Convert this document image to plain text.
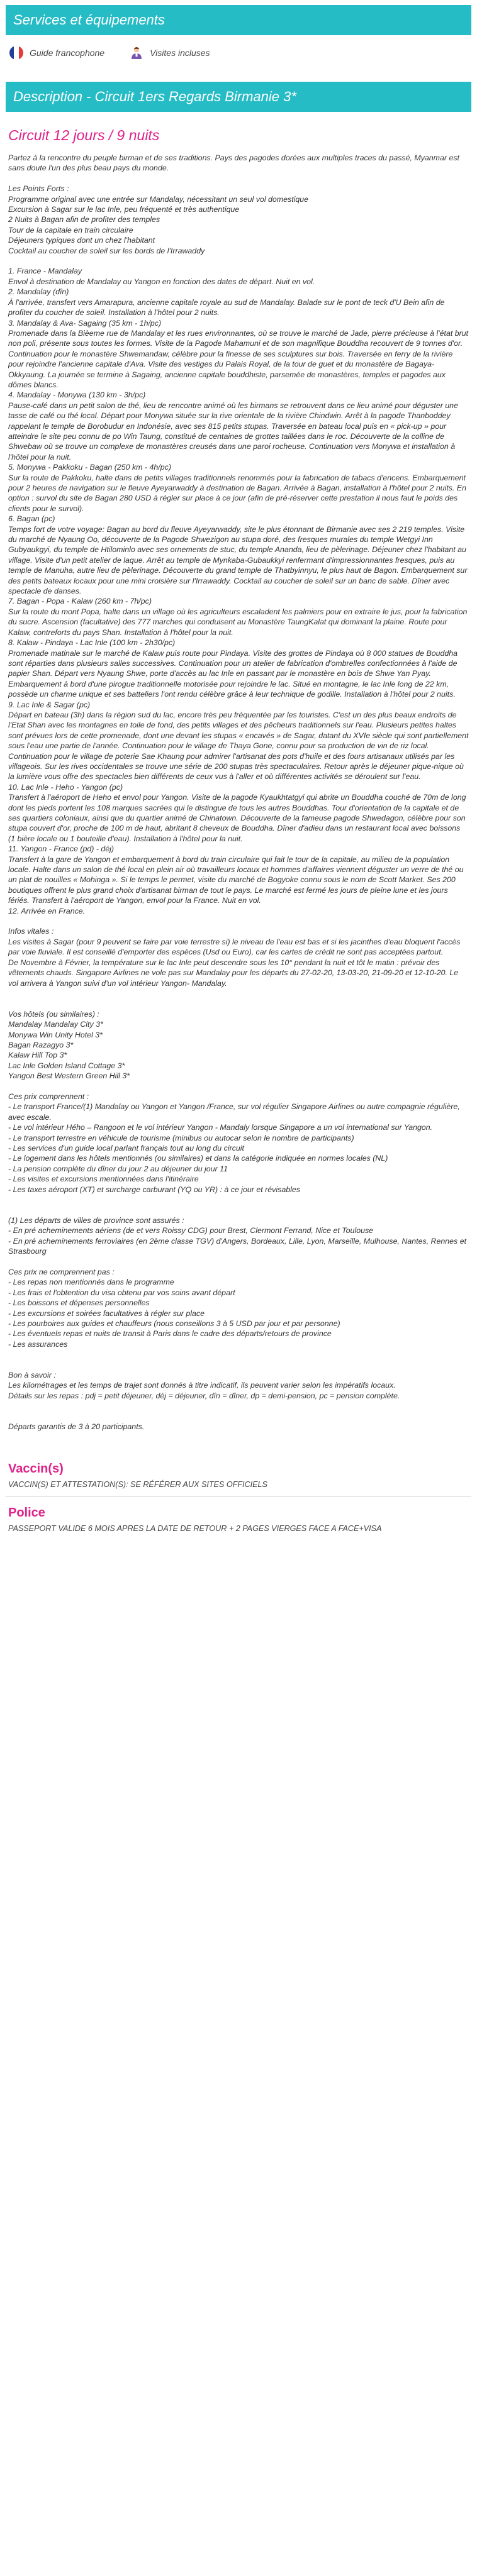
Services et équipements
Guide francophone	Visites incluses
Description - Circuit 1ers Regards Birmanie 3*
Circuit 12 jours / 9 nuits

Partez à la rencontre du peuple birman et de ses traditions. Pays des pagodes dorées aux multiples traces du passé, Myanmar est sans doute l'un des plus beau pays du monde.

Les Points Forts :
Programme original avec une entrée sur Mandalay, nécessitant un seul vol domestique
Excursion à Sagar sur le lac Inle, peu fréquenté et très authentique
2 Nuits à Bagan afin de profiter des temples
Tour de la capitale en train circulaire
Déjeuners typiques dont un chez l'habitant
Cocktail au coucher de soleil sur les bords de l'Irrawaddy

1. France - Mandalay
Envol à destination de Mandalay ou Yangon en fonction des dates de départ. Nuit en vol.
2. Mandalay (dîn)
À l'arrivée, transfert vers Amarapura, ancienne capitale royale au sud de Mandalay. Balade sur le pont de teck d'U Bein afin de profiter du coucher de soleil. Installation à l'hôtel pour 2 nuits.
3. Mandalay & Ava- Sagaing (35 km - 1h/pc)
Promenade dans la Bièeme rue de Mandalay et les rues environnantes, où se trouve le marché de Jade, pierre précieuse à l'état brut non poli, présente sous toutes les formes. Visite de la Pagode Mahamuni et de son magnifique Bouddha recouvert de 9 tonnes d'or. Continuation pour le monastère Shwemandaw, célèbre pour la finesse de ses sculptures sur bois. Traversée en ferry de la rivière pour rejoindre l'ancienne capitale d'Ava. Visite des vestiges du Palais Royal, de la tour de guet et du monastère de Bagaya-Okkyaung. La journée se termine à Sagaing, ancienne capitale bouddhiste, parsemée de monastères, temples et pagodes aux dômes blancs.
4. Mandalay - Monywa (130 km - 3h/pc)
Pause-café dans un petit salon de thé, lieu de rencontre animé où les birmans se retrouvent dans ce lieu animé pour déguster une tasse de café ou thé local. Départ pour Monywa située sur la rive orientale de la rivière Chindwin. Arrêt à la pagode Thanboddey rappelant le temple de Borobudur en Indonésie, avec ses 815 petits stupas. Traversée en bateau local puis en « pick-up » pour atteindre le site peu connu de po Win Taung, constitué de centaines de grottes taillées dans le roc. Découverte de la colline de Shwebaw où se trouve un complexe de monastères creusés dans une paroi rocheuse. Continuation vers Monywa et installation à l'hôtel pour la nuit.
5. Monywa - Pakkoku - Bagan (250 km - 4h/pc)
Sur la route de Pakkoku, halte dans de petits villages traditionnels renommés pour la fabrication de tabacs d'encens. Embarquement pour 2 heures de navigation sur le fleuve Ayeyarwaddy à destination de Bagan. Arrivée à Bagan, installation à l'hôtel pour 2 nuits. En option : survol du site de Bagan 280 USD à régler sur place à ce jour (afin de pré-réserver cette prestation il nous faut le poids des clients pour le survol).
6. Bagan (pc)
Temps fort de votre voyage: Bagan au bord du fleuve Ayeyarwaddy, site le plus étonnant de Birmanie avec ses 2 219 temples. Visite du marché de Nyaung Oo, découverte de la Pagode Shwezigon au stupa doré, des fresques murales du temple Wetgyi Inn Gubyaukgyi, du temple de Htilominlo avec ses ornements de stuc, du temple Ananda, lieu de pèlerinage. Déjeuner chez l'habitant au village. Visite d'un petit atelier de laque. Arrêt au temple de Mynkaba-Gubaukkyi renfermant d'impressionnantes fresques, puis au temple de Manuha, autre lieu de pèlerinage. Découverte du grand temple de Thatbyinnyu, le plus haut de Bagon. Embarquement sur des petits bateaux locaux pour une mini croisière sur l'Irrawaddy. Cocktail au coucher de soleil sur un banc de sable. Dîner avec spectacle de danses.
7. Bagan - Popa - Kalaw (260 km - 7h/pc)
Sur la route du mont Popa, halte dans un village où les agriculteurs escaladent les palmiers pour en extraire le jus, pour la fabrication du sucre. Ascension (facultative) des 777 marches qui conduisent au Monastère TaungKalat qui dominant la plaine. Route pour Kalaw, contreforts du pays Shan. Installation à l'hôtel pour la nuit.
8. Kalaw - Pindaya - Lac Inle (100 km - 2h30/pc)
Promenade matinale sur le marché de Kalaw puis route pour Pindaya. Visite des grottes de Pindaya où 8 000 statues de Bouddha sont réparties dans plusieurs salles successives. Continuation pour un atelier de fabrication d'ombrelles confectionnées à l'aide de papier Shan. Départ vers Nyaung Shwe, porte d'accès au lac Inle en passant par le monastère en bois de Shwe Yan Pyay. Embarquement à bord d'une pirogue traditionnelle motorisée pour rejoindre le lac. Situé en montagne, le lac Inle long de 22 km, possède un charme unique et ses batteliers l'ont rendu célèbre grâce à leur technique de godille. Installation à l'hôtel pour 2 nuits.
9. Lac Inle & Sagar (pc)
Départ en bateau (3h) dans la région sud du lac, encore très peu fréquentée par les touristes. C'est un des plus beaux endroits de l'Etat Shan avec les montagnes en toile de fond, des petits villages et des pêcheurs traditionnels sur l'eau. Plusieurs petites haltes sont prévues lors de cette promenade, dont une devant les stupas « encavés » de Sagar, datant du XVIe siècle qui sont partiellement sous l'eau une partie de l'année. Continuation pour le village de Thaya Gone, connu pour sa production de vin de riz local. Continuation pour le village de poterie Sae Khaung pour admirer l'artisanat des pots d'huile et des fours artisanaux utilisés par les villageois. Sur les rives occidentales se trouve une série de 200 stupas très spectaculaires. Retour après le déjeuner pique-nique où la lumière vous offre des spectacles bien différents de ceux vus à l'aller et où différentes activités se déroulent sur l'eau.
10. Lac Inle - Heho - Yangon (pc)
Transfert à l'aéroport de Heho et envol pour Yangon. Visite de la pagode Kyaukhtatgyi qui abrite un Bouddha couché de 70m de long dont les pieds portent les 108 marques sacrées qui le distingue de tous les autres Bouddhas. Tour d'orientation de la capitale et de ses quartiers coloniaux, ainsi que du quartier animé de Chinatown. Découverte de la fameuse pagode Shwedagon, célèbre pour son stupa couvert d'or, proche de 100 m de haut, abritant 8 cheveux de Bouddha. Dîner d'adieu dans un restaurant local avec boissons (1 bière locale ou 1 bouteille d'eau). Installation à l'hôtel pour la nuit.
11. Yangon - France (pd) - déj)
Transfert à la gare de Yangon et embarquement à bord du train circulaire qui fait le tour de la capitale, au milieu de la population locale. Halte dans un salon de thé local en plein air où travailleurs locaux et hommes d'affaires viennent déguster un verre de thé ou un plat de nouilles « Mohinga ». Si le temps le permet, visite du marché de Bogyoke connu sous le nom de Scott Market. Ses 200 boutiques offrent le plus grand choix d'artisanat birman de tout le pays. Le marché est fermé les jours de pleine lune et les jours fériés. Transfert à l'aéroport de Yangon, envol pour la France. Nuit en vol.
12. Arrivée en France.

Infos vitales :
Les visites à Sagar (pour 9 peuvent se faire par voie terrestre si) le niveau de l'eau est bas et si les jacinthes d'eau bloquent l'accès par voie fluviale. Il est conseillé d'emporter des espèces (Usd ou Euro), car les cartes de crédit ne sont pas acceptées partout.
De Novembre à Février, la température sur le lac Inle peut descendre sous les 10° pendant la nuit et tôt le matin : prévoir des vêtements chauds. Singapore Airlines ne vole pas sur Mandalay pour les départs du 27-02-20, 13-03-20, 21-09-20 et 12-10-20. Le vol arrivera à Yangon suivi d'un vol intérieur Yangon- Mandalay.

Vos hôtels (ou similaires) :
Mandalay Mandalay City 3*
Monywa Win Unity Hotel 3*
Bagan Razagyo 3*
Kalaw Hill Top 3*
Lac Inle Golden Island Cottage 3*
Yangon Best Western Green Hill 3*

Ces prix comprennent :
- Le transport France/(1) Mandalay ou Yangon et Yangon /France, sur vol régulier Singapore Airlines ou autre compagnie régulière, avec escale.
- Le vol intérieur Hého – Rangoon et le vol intérieur Yangon - Mandaly lorsque Singapore a un vol international sur Yangon.
- Le transport terrestre en véhicule de tourisme (minibus ou autocar selon le nombre de participants)
- Les services d'un guide local parlant français tout au long du circuit
- Le logement dans les hôtels mentionnés (ou similaires) et dans la catégorie indiquée en normes locales (NL)
- La pension complète du dîner du jour 2 au déjeuner du jour 11
- Les visites et excursions mentionnées dans l'itinéraire
- Les taxes aéroport (XT) et surcharge carburant (YQ ou YR) : à ce jour et révisables

(1) Les départs de villes de province sont assurés :
- En pré acheminements aériens (de et vers Roissy CDG) pour Brest, Clermont Ferrand, Nice et Toulouse
- En pré acheminements ferroviaires (en 2ème classe TGV) d'Angers, Bordeaux, Lille, Lyon, Marseille, Mulhouse, Nantes, Rennes et Strasbourg

Ces prix ne comprennent pas :
- Les repas non mentionnés dans le programme
- Les frais et l'obtention du visa obtenu par vos soins avant départ
- Les boissons et dépenses personnelles
- Les excursions et soirées facultatives à régler sur place
- Les pourboires aux guides et chauffeurs (nous conseillons 3 à 5 USD par jour et par personne)
- Les éventuels repas et nuits de transit à Paris dans le cadre des départs/retours de province
- Les assurances

Bon à savoir :
Les kilométrages et les temps de trajet sont donnés à titre indicatif, ils peuvent varier selon les impératifs locaux.
Détails sur les repas : pdj = petit déjeuner, déj = déjeuner, dîn = dîner, dp = demi-pension, pc = pension complète.

Départs garantis de 3 à 20 participants.

Vaccin(s)
VACCIN(S) ET ATTESTATION(S): SE RÉFÉRER AUX SITES OFFICIELS
Police
PASSEPORT VALIDE 6 MOIS APRES LA DATE DE RETOUR + 2 PAGES VIERGES FACE A FACE+VISA
